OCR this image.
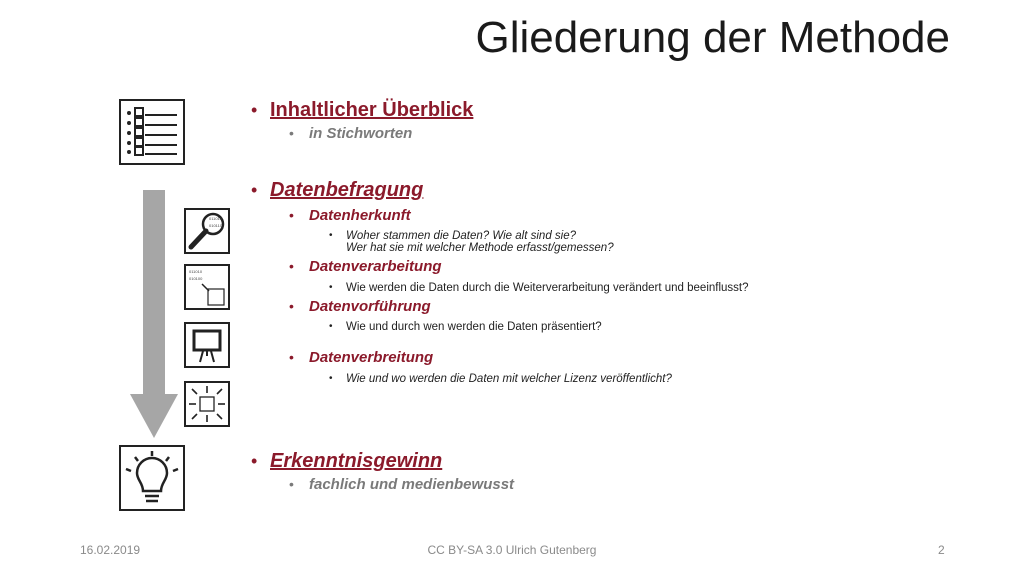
Gliederung der Methode
011010
010110
011010
010100
• Inhaltlicher Überblick
• in Stichworten
• Datenbefragung
• Datenherkunft
• Woher stammen die Daten? Wie alt sind sie?
Wer hat sie mit welcher Methode erfasst/gemessen?
• Datenverarbeitung
• Wie werden die Daten durch die Weiterverarbeitung verändert und beeinflusst?
• Datenvorführung
• Wie und durch wen werden die Daten präsentiert?
• Datenverbreitung
• Wie und wo werden die Daten mit welcher Lizenz veröffentlicht?
• Erkenntnisgewinn
• fachlich und medienbewusst
16.02.2019	CC BY-SA 3.0 Ulrich Gutenberg	2
